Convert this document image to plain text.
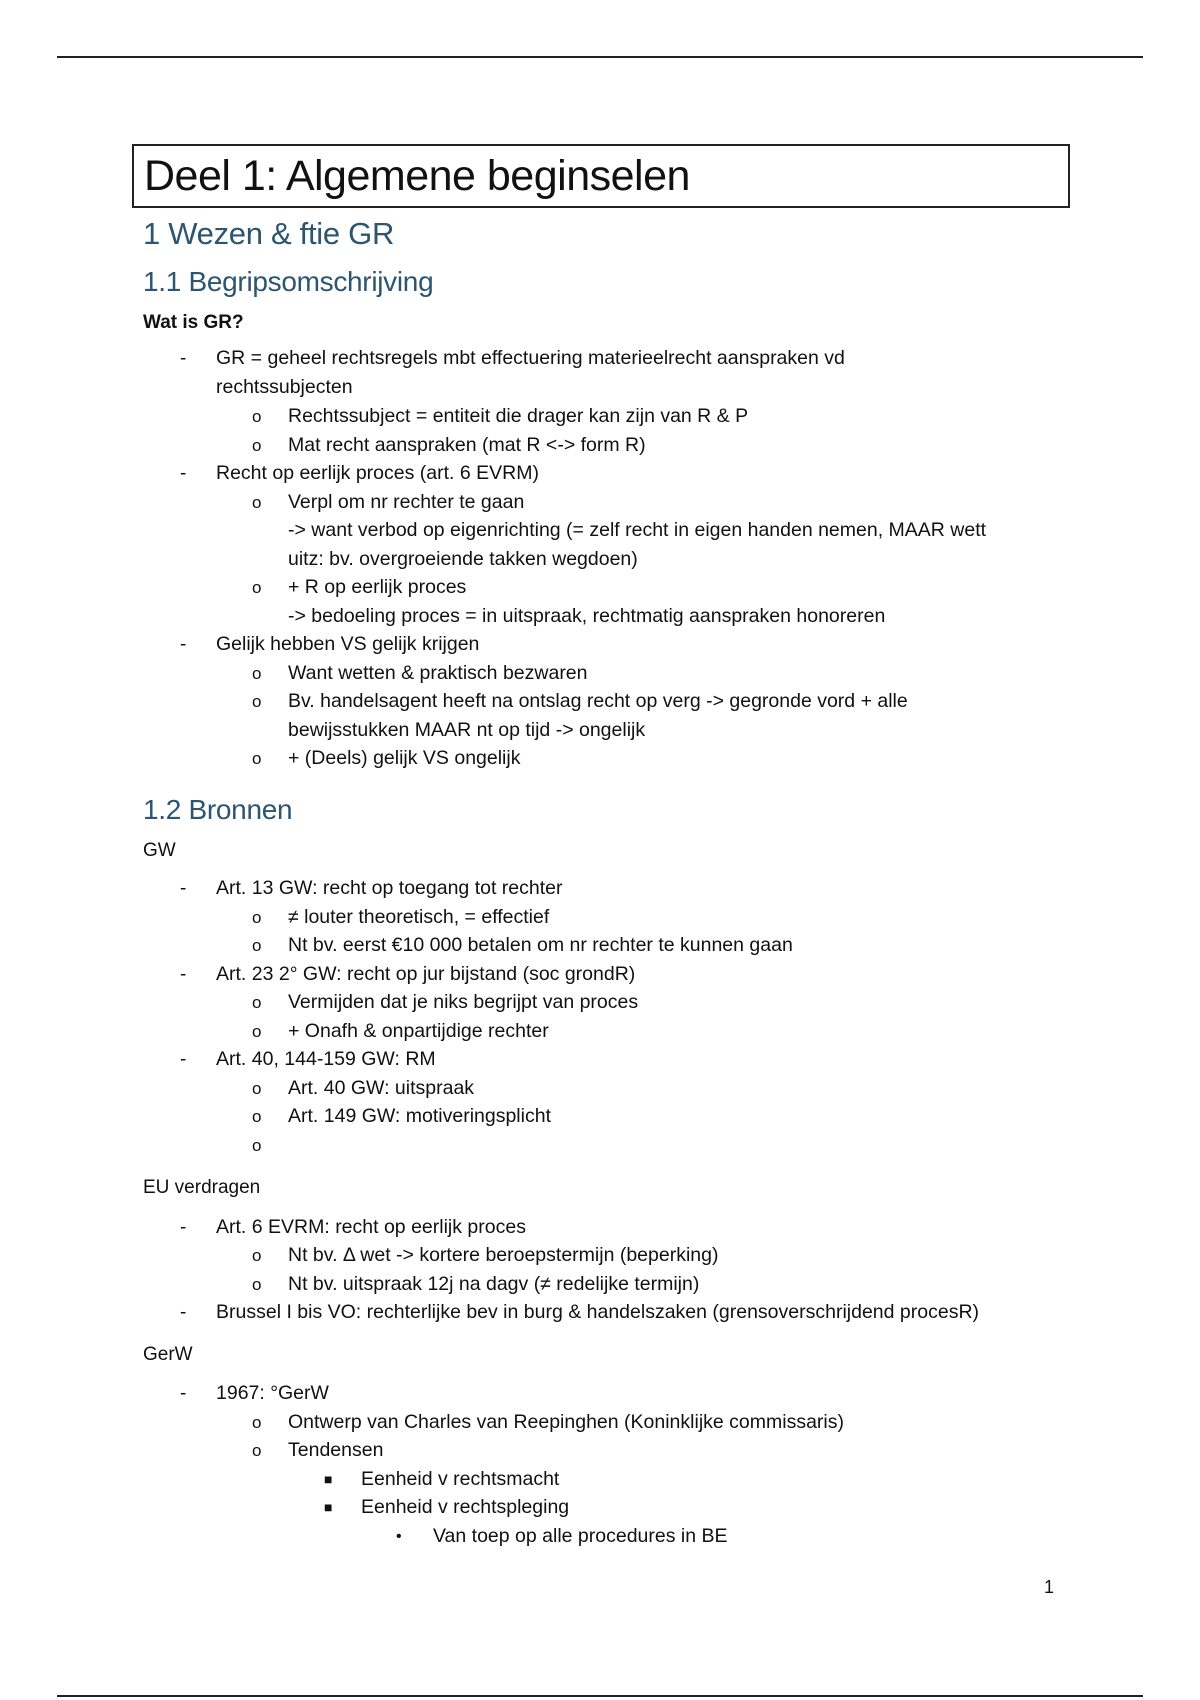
Deel 1: Algemene beginselen
1 Wezen & ftie GR
1.1 Begripsomschrijving
Wat is GR?
- GR = geheel rechtsregels mbt effectuering materieelrecht aanspraken vd
rechtssubjecten
o Rechtssubject = entiteit die drager kan zijn van R & P
o Mat recht aanspraken (mat R <-> form R)
- Recht op eerlijk proces (art. 6 EVRM)
o Verpl om nr rechter te gaan
-> want verbod op eigenrichting (= zelf recht in eigen handen nemen, MAAR wett
uitz: bv. overgroeiende takken wegdoen)
o + R op eerlijk proces
-> bedoeling proces = in uitspraak, rechtmatig aanspraken honoreren
- Gelijk hebben VS gelijk krijgen
o Want wetten & praktisch bezwaren
o Bv. handelsagent heeft na ontslag recht op verg -> gegronde vord + alle
bewijsstukken MAAR nt op tijd -> ongelijk
o + (Deels) gelijk VS ongelijk
1.2 Bronnen
GW
- Art. 13 GW: recht op toegang tot rechter
o ≠ louter theoretisch, = effectief
o Nt bv. eerst €10 000 betalen om nr rechter te kunnen gaan
- Art. 23 2° GW: recht op jur bijstand (soc grondR)
o Vermijden dat je niks begrijpt van proces
o + Onafh & onpartijdige rechter
- Art. 40, 144-159 GW: RM
o Art. 40 GW: uitspraak
o Art. 149 GW: motiveringsplicht
o
EU verdragen
- Art. 6 EVRM: recht op eerlijk proces
o Nt bv. Δ wet -> kortere beroepstermijn (beperking)
o Nt bv. uitspraak 12j na dagv (≠ redelijke termijn)
- Brussel I bis VO: rechterlijke bev in burg & handelszaken (grensoverschrijdend procesR)
GerW
- 1967: °GerW
o Ontwerp van Charles van Reepinghen (Koninklijke commissaris)
o Tendensen
■ Eenheid v rechtsmacht
■ Eenheid v rechtspleging
• Van toep op alle procedures in BE
1
